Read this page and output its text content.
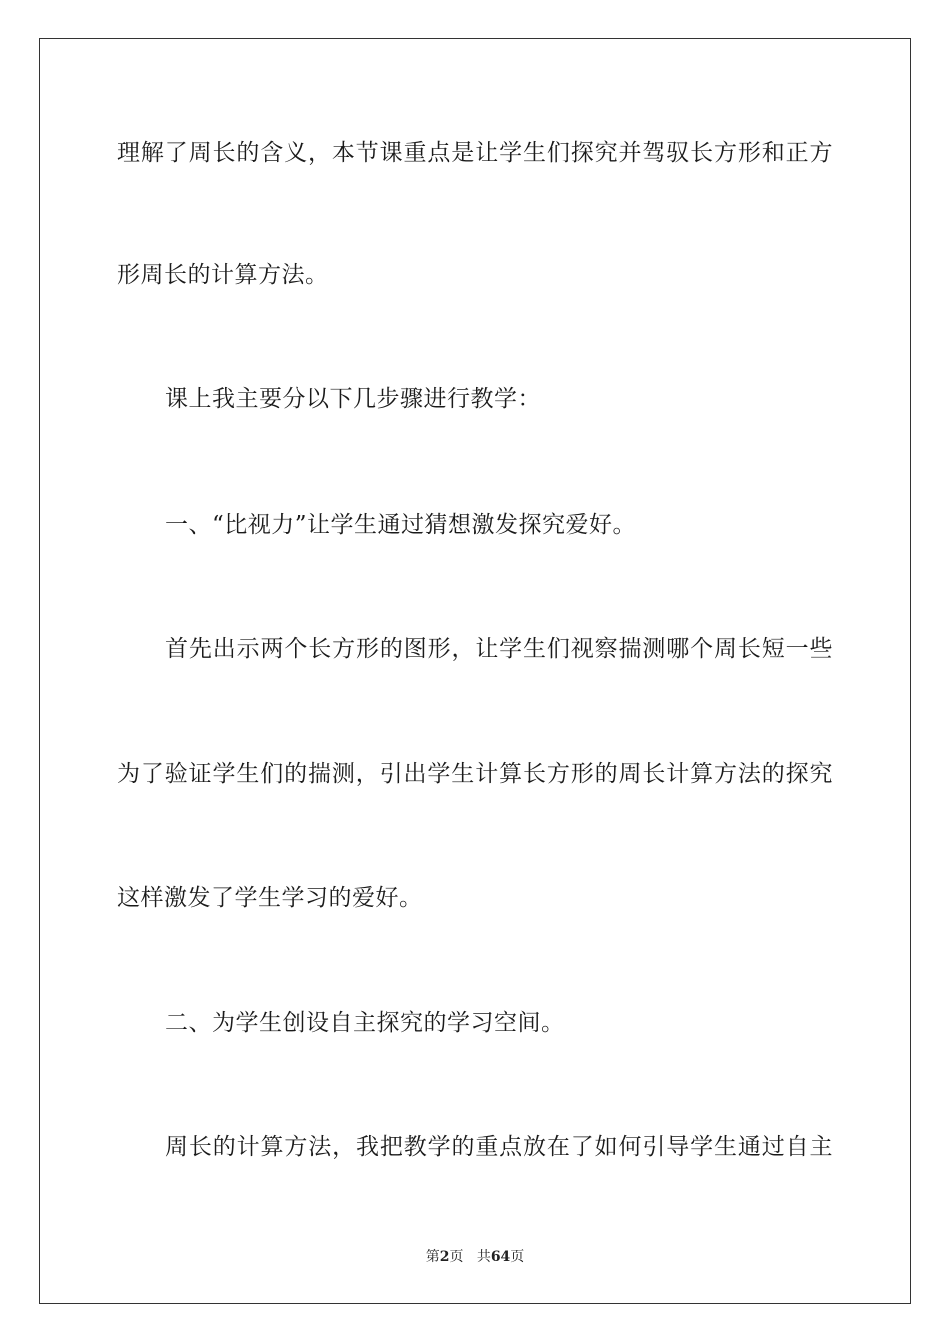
理解了周长的含义，本节课重点是让学生们探究并驾驭长方形和正方
形周长的计算方法。
课上我主要分以下几步骤进行教学：
一、“比视力”让学生通过猜想激发探究爱好。
首先出示两个长方形的图形，让学生们视察揣测哪个周长短一些
为了验证学生们的揣测，引出学生计算长方形的周长计算方法的探究
这样激发了学生学习的爱好。
二、为学生创设自主探究的学习空间。
周长的计算方法，我把教学的重点放在了如何引导学生通过自主
第2页 共64页
